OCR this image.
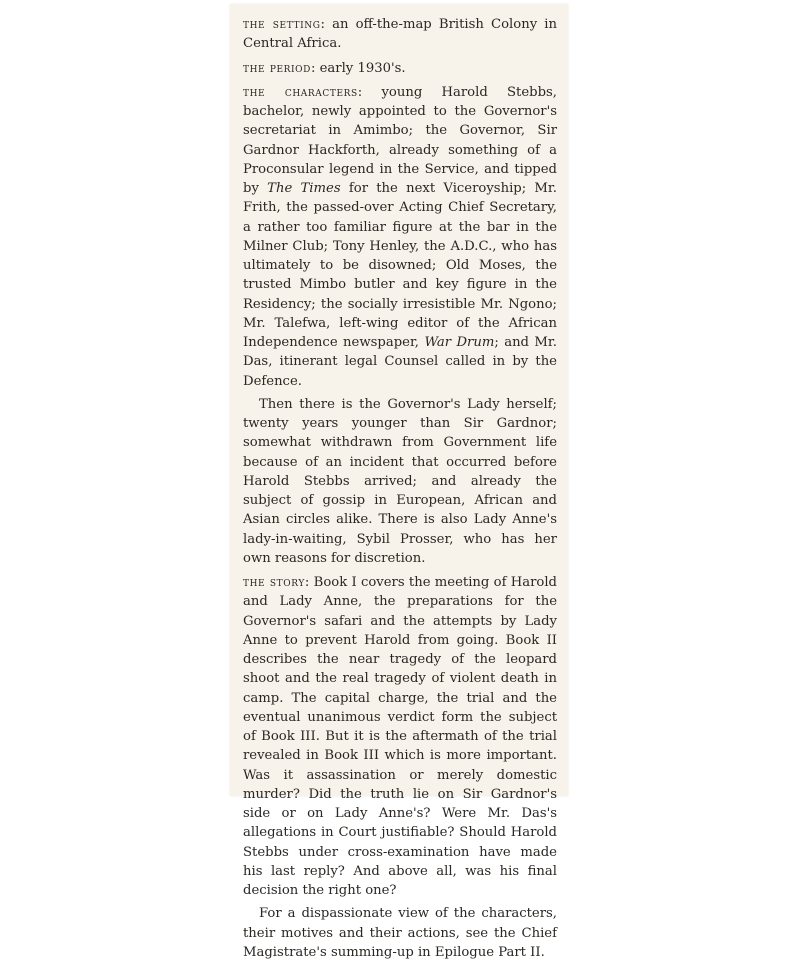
the setting: an off-the-map British Colony in Central Africa.

the period: early 1930's.

the characters: young Harold Stebbs, bachelor, newly appointed to the Governor's secretariat in Amimbo; the Governor, Sir Gardnor Hackforth, already something of a Proconsular legend in the Service, and tipped by The Times for the next Viceroyship; Mr. Frith, the passed-over Acting Chief Secretary, a rather too familiar figure at the bar in the Milner Club; Tony Henley, the A.D.C., who has ultimately to be disowned; Old Moses, the trusted Mimbo butler and key figure in the Residency; the socially irresistible Mr. Ngono; Mr. Talefwa, left-wing editor of the African Independence newspaper, War Drum; and Mr. Das, itinerant legal Counsel called in by the Defence.

Then there is the Governor's Lady herself; twenty years younger than Sir Gardnor; somewhat withdrawn from Government life because of an incident that occurred before Harold Stebbs arrived; and already the subject of gossip in European, African and Asian circles alike. There is also Lady Anne's lady-in-waiting, Sybil Prosser, who has her own reasons for discretion.

the story: Book I covers the meeting of Harold and Lady Anne, the preparations for the Governor's safari and the attempts by Lady Anne to prevent Harold from going. Book II describes the near tragedy of the leopard shoot and the real tragedy of violent death in camp. The capital charge, the trial and the eventual unanimous verdict form the subject of Book III. But it is the aftermath of the trial revealed in Book III which is more important. Was it assassination or merely domestic murder? Did the truth lie on Sir Gardnor's side or on Lady Anne's? Were Mr. Das's allegations in Court justifiable? Should Harold Stebbs under cross-examination have made his last reply? And above all, was his final decision the right one?

For a dispassionate view of the characters, their motives and their actions, see the Chief Magistrate's summing-up in Epilogue Part II.
